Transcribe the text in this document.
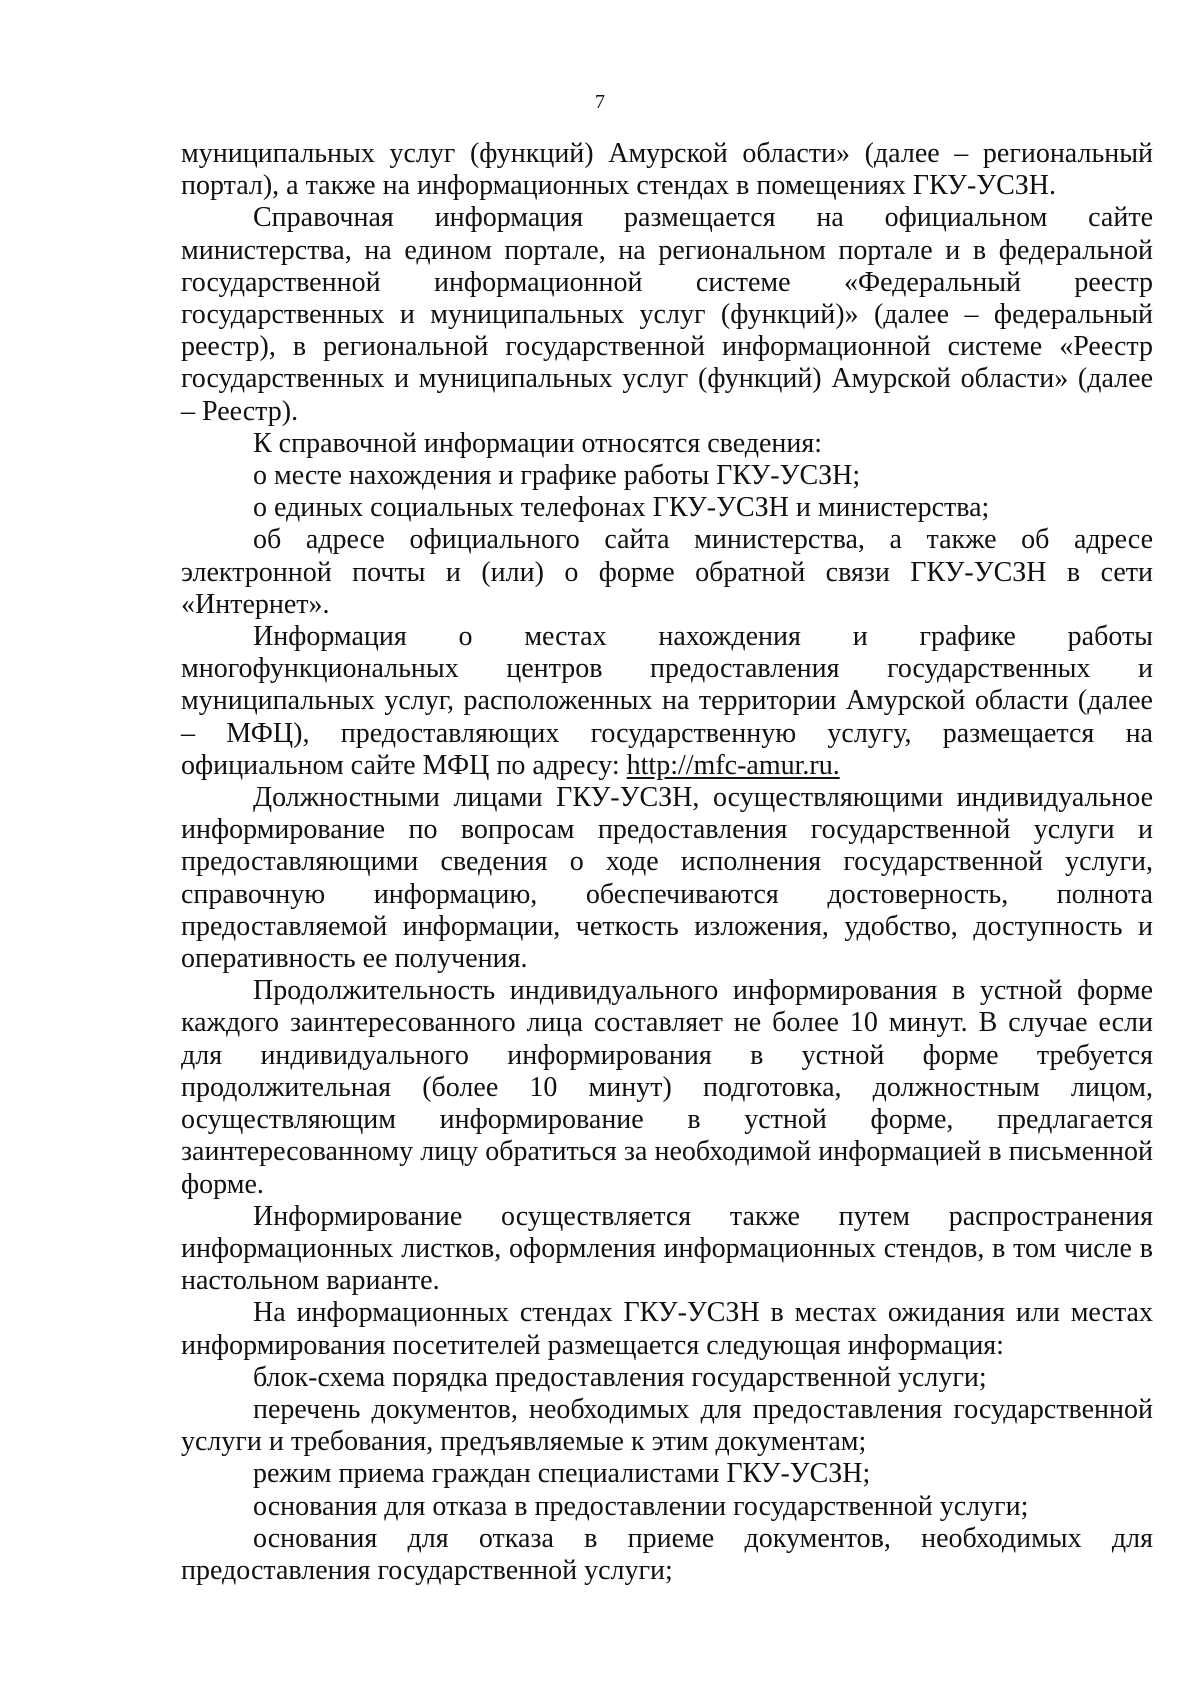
7

муниципальных услуг (функций) Амурской области» (далее – региональный портал), а также на информационных стендах в помещениях ГКУ-УСЗН.

Справочная информация размещается на официальном сайте министерства, на едином портале, на региональном портале и в федеральной государственной информационной системе «Федеральный реестр государственных и муниципальных услуг (функций)» (далее – федеральный реестр), в региональной государственной информационной системе «Реестр государственных и муниципальных услуг (функций) Амурской области» (далее – Реестр).

К справочной информации относятся сведения:

о месте нахождения и графике работы ГКУ-УСЗН;

о единых социальных телефонах ГКУ-УСЗН и министерства;

об адресе официального сайта министерства, а также об адресе электронной почты и (или) о форме обратной связи ГКУ-УСЗН в сети «Интернет».

Информация о местах нахождения и графике работы многофункциональных центров предоставления государственных и муниципальных услуг, расположенных на территории Амурской области (далее – МФЦ), предоставляющих государственную услугу, размещается на официальном сайте МФЦ по адресу: http://mfc-amur.ru.

Должностными лицами ГКУ-УСЗН, осуществляющими индивидуальное информирование по вопросам предоставления государственной услуги и предоставляющими сведения о ходе исполнения государственной услуги, справочную информацию, обеспечиваются достоверность, полнота предоставляемой информации, четкость изложения, удобство, доступность и оперативность ее получения.

Продолжительность индивидуального информирования в устной форме каждого заинтересованного лица составляет не более 10 минут. В случае если для индивидуального информирования в устной форме требуется продолжительная (более 10 минут) подготовка, должностным лицом, осуществляющим информирование в устной форме, предлагается заинтересованному лицу обратиться за необходимой информацией в письменной форме.

Информирование осуществляется также путем распространения информационных листков, оформления информационных стендов, в том числе в настольном варианте.

На информационных стендах ГКУ-УСЗН в местах ожидания или местах информирования посетителей размещается следующая информация:

блок-схема порядка предоставления государственной услуги;

перечень документов, необходимых для предоставления государственной услуги и требования, предъявляемые к этим документам;

режим приема граждан специалистами ГКУ-УСЗН;

основания для отказа в предоставлении государственной услуги;

основания для отказа в приеме документов, необходимых для предоставления государственной услуги;
